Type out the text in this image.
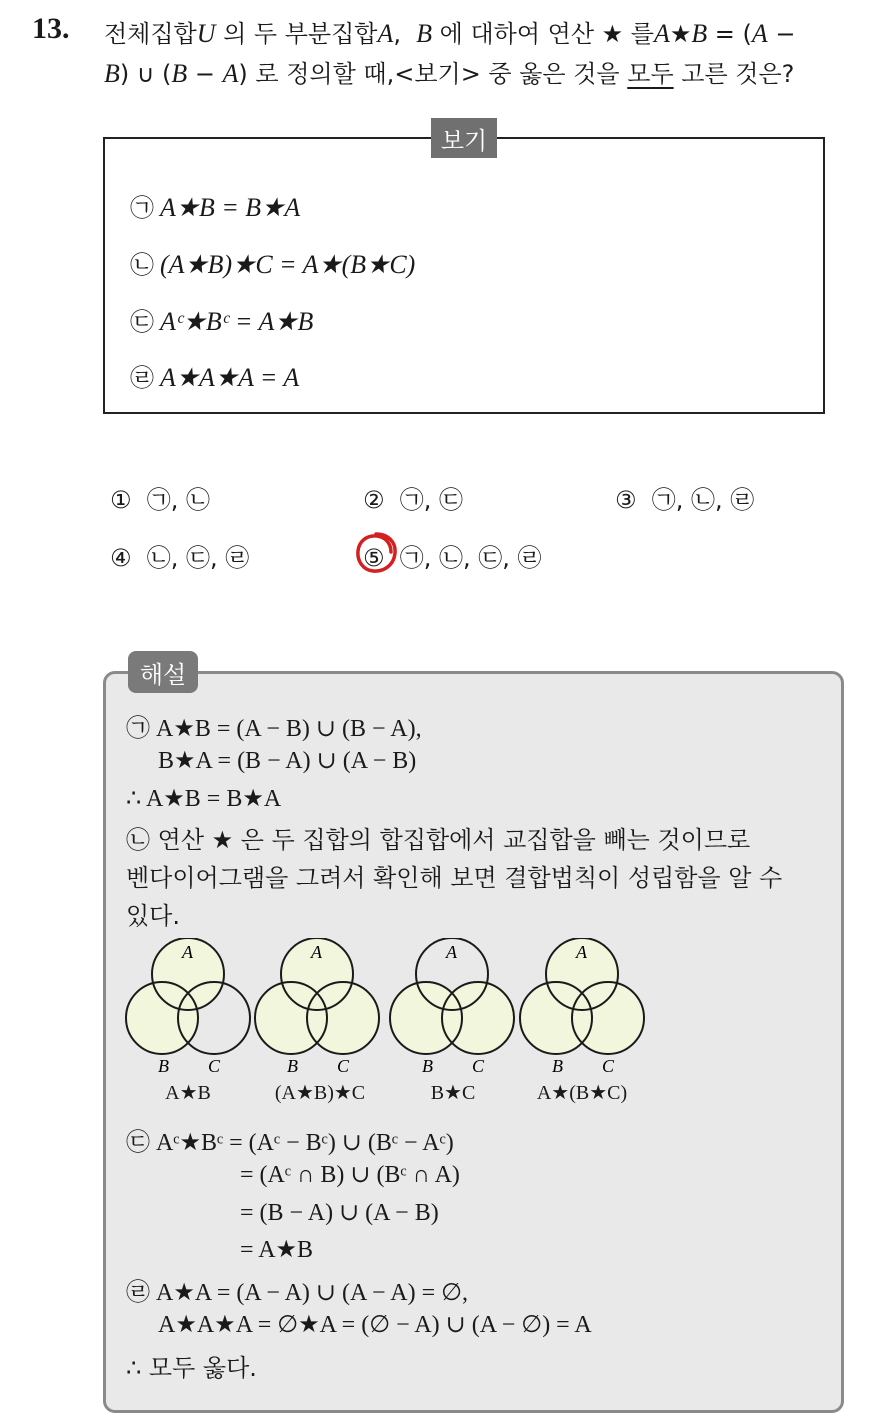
13. 전체집합U 의 두 부분집합A,  B 에 대하여 연산 ★ 를A★B = (A −
B) ∪ (B − A) 로 정의할 때,<보기> 중 옳은 것을 모두 고른 것은?
보기
㉠ A★B = B★A
㉡ (A★B)★C = A★(B★C)
㉢ Aᶜ★Bᶜ = A★B
㉣ A★A★A = A
① ㉠, ㉡	② ㉠, ㉢	③ ㉠, ㉡, ㉣
④ ㉡, ㉢, ㉣	⑤ ㉠, ㉡, ㉢, ㉣
해설
㉠ A★B = (A − B) ∪ (B − A),
B★A = (B − A) ∪ (A − B)
∴ A★B = B★A
㉡ 연산 ★ 은 두 집합의 합집합에서 교집합을 빼는 것이므로
벤다이어그램을 그려서 확인해 보면 결합법칙이 성립함을 알 수
있다.
A
B C
A
B C
A
B C
A
B C
A★B	(A★B)★C	B★C	A★(B★C)
㉢ Aᶜ★Bᶜ = (Aᶜ − Bᶜ) ∪ (Bᶜ − Aᶜ)
= (Aᶜ ∩ B) ∪ (Bᶜ ∩ A)
= (B − A) ∪ (A − B)
= A★B
㉣ A★A = (A − A) ∪ (A − A) = ∅,
A★A★A = ∅★A = (∅ − A) ∪ (A − ∅) = A
∴ 모두 옳다.
